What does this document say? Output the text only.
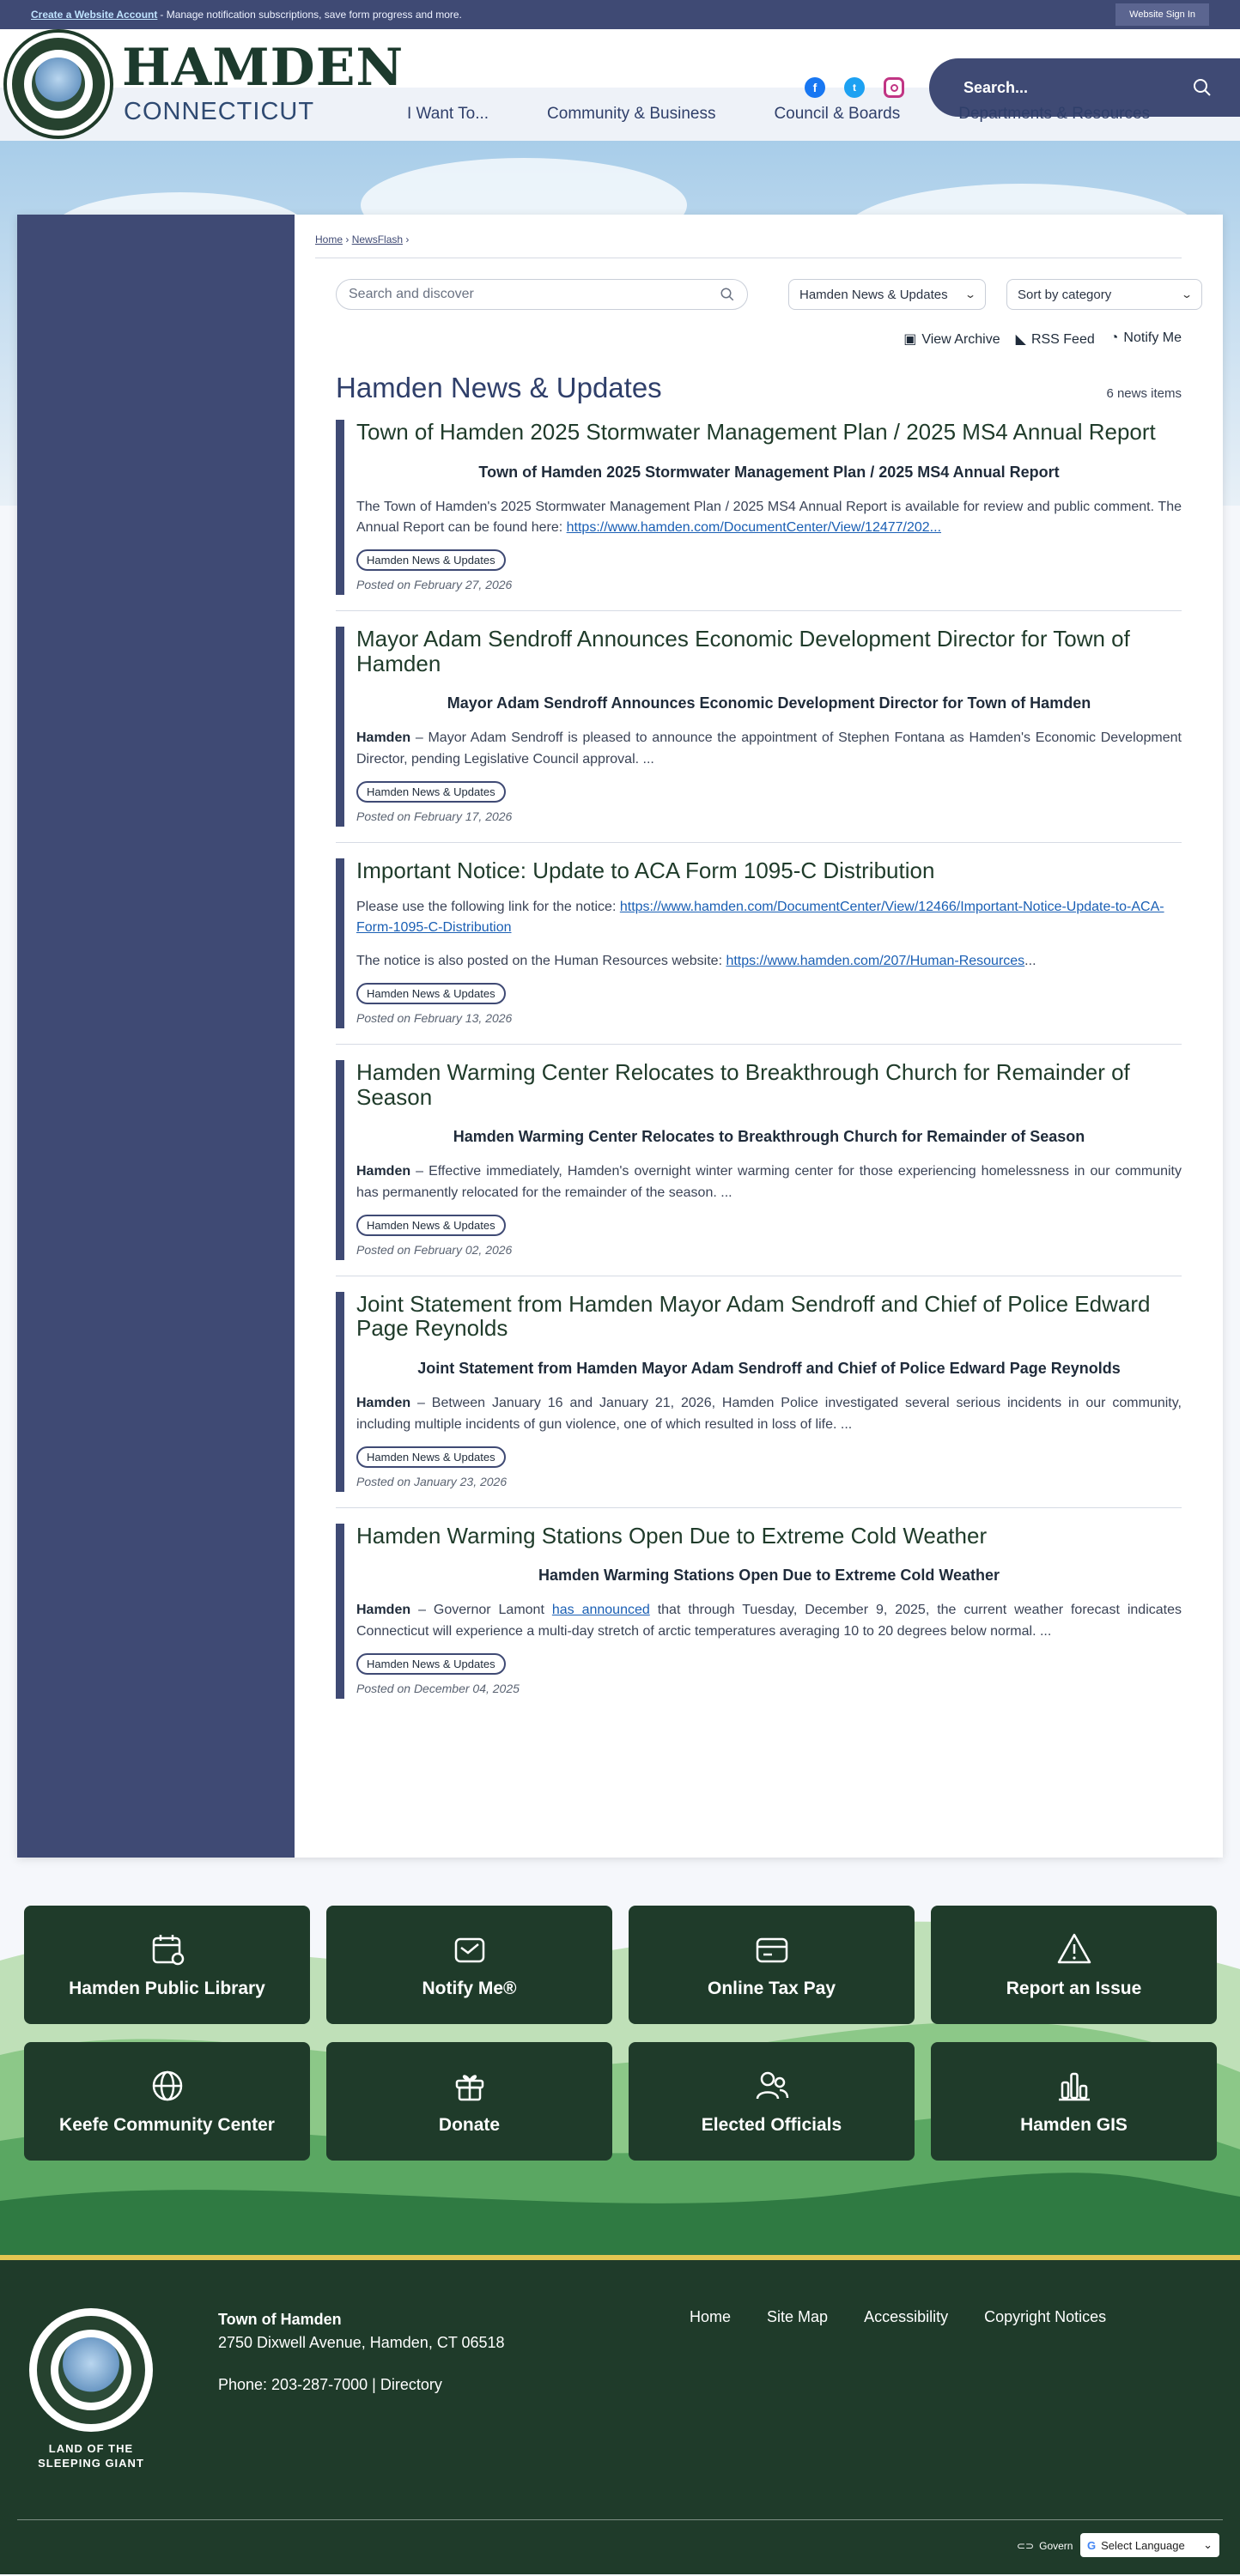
Create a Website Account - Manage notification subscriptions, save form progress and more.	Website Sign In
HAMDEN
CONNECTICUT
f	t	Search...
I Want To...	Community & Business	Council & Boards	Departments & Resources
Home › NewsFlash ›
Search and discover	Hamden News & Updates ⌄	Sort by category	⌄
▣ View Archive ◣ RSS Feed ◔ Notify Me
Hamden News & Updates	6 news items
Town of Hamden 2025 Stormwater Management Plan / 2025 MS4 Annual Report
Town of Hamden 2025 Stormwater Management Plan / 2025 MS4 Annual Report
The Town of Hamden's 2025 Stormwater Management Plan / 2025 MS4 Annual Report is available for review and public comment. The Annual Report can be found here: https://www.hamden.com/DocumentCenter/View/12477/202...
Hamden News & Updates
Posted on February 27, 2026
Mayor Adam Sendroff Announces Economic Development Director for Town of Hamden
Mayor Adam Sendroff Announces Economic Development Director for Town of Hamden
Hamden – Mayor Adam Sendroff is pleased to announce the appointment of Stephen Fontana as Hamden's Economic Development Director, pending Legislative Council approval. ...
Hamden News & Updates
Posted on February 17, 2026
Important Notice: Update to ACA Form 1095-C Distribution
Please use the following link for the notice: https://www.hamden.com/DocumentCenter/View/12466/Important-Notice-Update-to-ACA-Form-1095-C-Distribution
The notice is also posted on the Human Resources website: https://www.hamden.com/207/Human-Resources...
Hamden News & Updates
Posted on February 13, 2026
Hamden Warming Center Relocates to Breakthrough Church for Remainder of Season
Hamden Warming Center Relocates to Breakthrough Church for Remainder of Season
Hamden – Effective immediately, Hamden's overnight winter warming center for those experiencing homelessness in our community has permanently relocated for the remainder of the season. ...
Hamden News & Updates
Posted on February 02, 2026
Joint Statement from Hamden Mayor Adam Sendroff and Chief of Police Edward Page Reynolds
Joint Statement from Hamden Mayor Adam Sendroff and Chief of Police Edward Page Reynolds
Hamden – Between January 16 and January 21, 2026, Hamden Police investigated several serious incidents in our community, including multiple incidents of gun violence, one of which resulted in loss of life. ...
Hamden News & Updates
Posted on January 23, 2026
Hamden Warming Stations Open Due to Extreme Cold Weather
Hamden Warming Stations Open Due to Extreme Cold Weather
Hamden – Governor Lamont has announced that through Tuesday, December 9, 2025, the current weather forecast indicates Connecticut will experience a multi-day stretch of arctic temperatures averaging 10 to 20 degrees below normal. ...
Hamden News & Updates
Posted on December 04, 2025
Hamden Public Library	Notify Me®	Online Tax Pay	Report an Issue
Keefe Community Center	Donate	Elected Officials	Hamden GIS
LAND OF THE SLEEPING GIANT
Town of Hamden
2750 Dixwell Avenue, Hamden, CT 06518
Phone: 203-287-7000 | Directory
Home Site Map Accessibility Copyright Notices
⊂⊃ Govern G Select Language ⌄
